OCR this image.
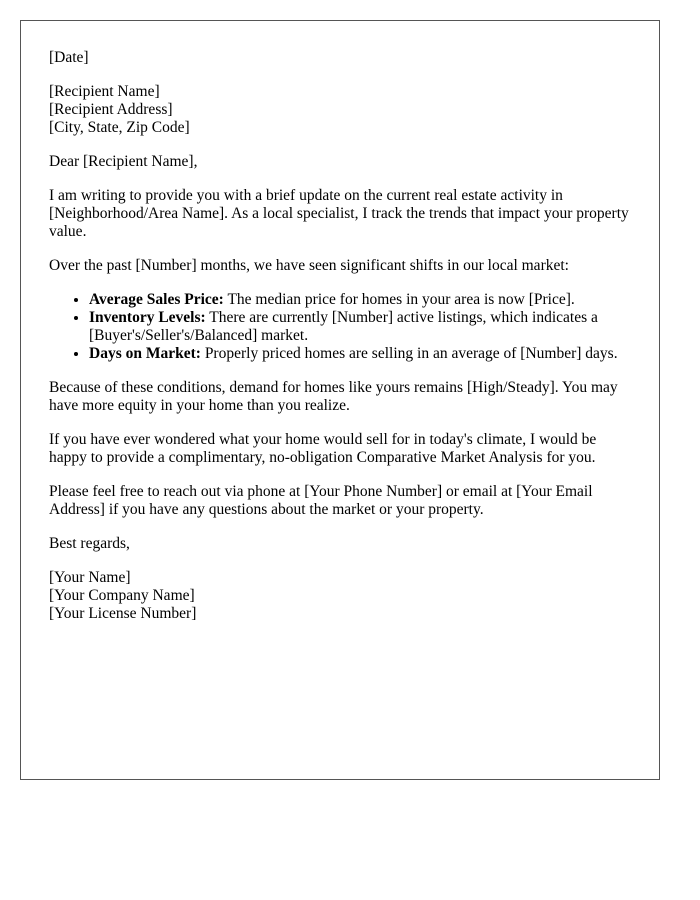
[Date]

[Recipient Name]
[Recipient Address]
[City, State, Zip Code]

Dear [Recipient Name],

I am writing to provide you with a brief update on the current real estate activity in [Neighborhood/Area Name]. As a local specialist, I track the trends that impact your property value.

Over the past [Number] months, we have seen significant shifts in our local market:

• Average Sales Price: The median price for homes in your area is now [Price].
• Inventory Levels: There are currently [Number] active listings, which indicates a [Buyer's/Seller's/Balanced] market.
• Days on Market: Properly priced homes are selling in an average of [Number] days.

Because of these conditions, demand for homes like yours remains [High/Steady]. You may have more equity in your home than you realize.

If you have ever wondered what your home would sell for in today's climate, I would be happy to provide a complimentary, no-obligation Comparative Market Analysis for you.

Please feel free to reach out via phone at [Your Phone Number] or email at [Your Email Address] if you have any questions about the market or your property.

Best regards,

[Your Name]
[Your Company Name]
[Your License Number]
